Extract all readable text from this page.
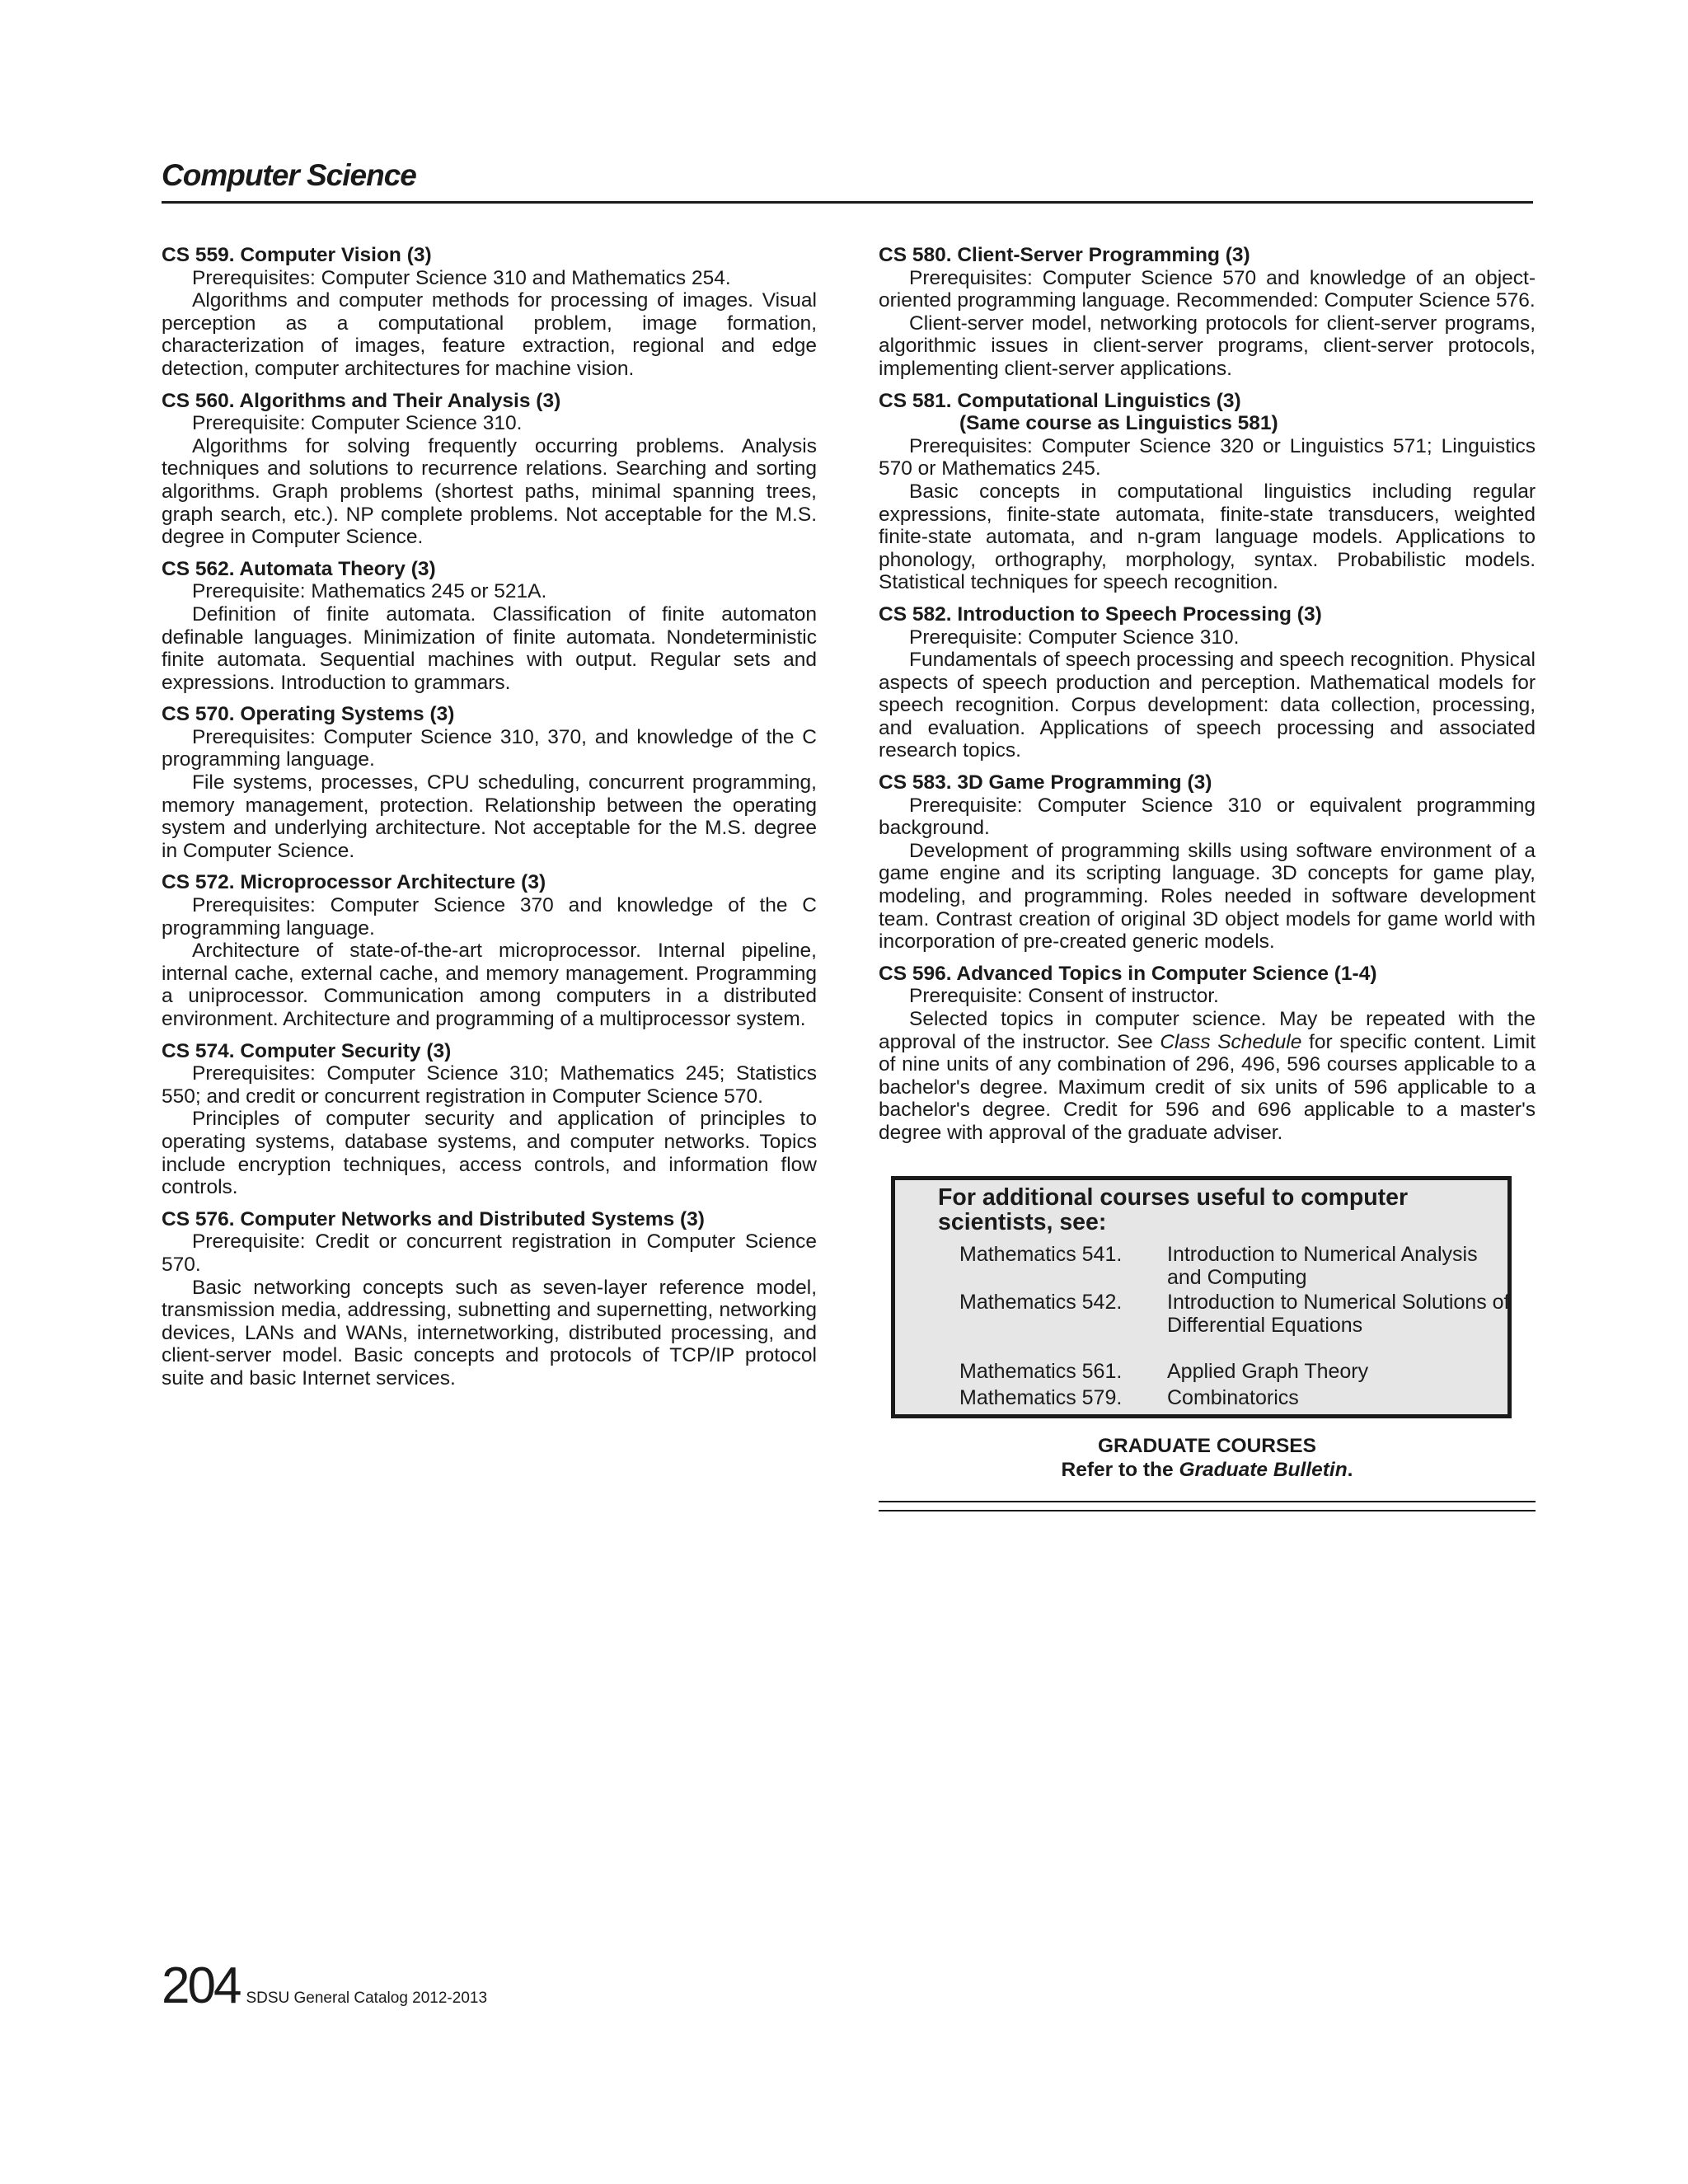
Computer Science
CS 559. Computer Vision (3)
Prerequisites: Computer Science 310 and Mathematics 254.
Algorithms and computer methods for processing of images. Visual perception as a computational problem, image formation, characterization of images, feature extraction, regional and edge detection, computer architectures for machine vision.
CS 560. Algorithms and Their Analysis (3)
Prerequisite: Computer Science 310.
Algorithms for solving frequently occurring problems. Analysis techniques and solutions to recurrence relations. Searching and sorting algorithms. Graph problems (shortest paths, minimal spanning trees, graph search, etc.). NP complete problems. Not acceptable for the M.S. degree in Computer Science.
CS 562. Automata Theory (3)
Prerequisite: Mathematics 245 or 521A.
Definition of finite automata. Classification of finite automaton definable languages. Minimization of finite automata. Nondeterministic finite automata. Sequential machines with output. Regular sets and expressions. Introduction to grammars.
CS 570. Operating Systems (3)
Prerequisites: Computer Science 310, 370, and knowledge of the C programming language.
File systems, processes, CPU scheduling, concurrent programming, memory management, protection. Relationship between the operating system and underlying architecture. Not acceptable for the M.S. degree in Computer Science.
CS 572. Microprocessor Architecture (3)
Prerequisites: Computer Science 370 and knowledge of the C programming language.
Architecture of state-of-the-art microprocessor. Internal pipeline, internal cache, external cache, and memory management. Programming a uniprocessor. Communication among computers in a distributed environment. Architecture and programming of a multiprocessor system.
CS 574. Computer Security (3)
Prerequisites: Computer Science 310; Mathematics 245; Statistics 550; and credit or concurrent registration in Computer Science 570.
Principles of computer security and application of principles to operating systems, database systems, and computer networks. Topics include encryption techniques, access controls, and information flow controls.
CS 576. Computer Networks and Distributed Systems (3)
Prerequisite: Credit or concurrent registration in Computer Science 570.
Basic networking concepts such as seven-layer reference model, transmission media, addressing, subnetting and supernetting, networking devices, LANs and WANs, internetworking, distributed processing, and client-server model. Basic concepts and protocols of TCP/IP protocol suite and basic Internet services.
CS 580. Client-Server Programming (3)
Prerequisites: Computer Science 570 and knowledge of an object- oriented programming language. Recommended: Computer Science 576.
Client-server model, networking protocols for client-server programs, algorithmic issues in client-server programs, client-server protocols, implementing client-server applications.
CS 581. Computational Linguistics (3)
(Same course as Linguistics 581)
Prerequisites: Computer Science 320 or Linguistics 571; Linguistics 570 or Mathematics 245.
Basic concepts in computational linguistics including regular expressions, finite-state automata, finite-state transducers, weighted finite-state automata, and n-gram language models. Applications to phonology, orthography, morphology, syntax. Probabilistic models. Statistical techniques for speech recognition.
CS 582. Introduction to Speech Processing (3)
Prerequisite: Computer Science 310.
Fundamentals of speech processing and speech recognition. Physical aspects of speech production and perception. Mathematical models for speech recognition. Corpus development: data collection, processing, and evaluation. Applications of speech processing and associated research topics.
CS 583. 3D Game Programming (3)
Prerequisite: Computer Science 310 or equivalent programming background.
Development of programming skills using software environment of a game engine and its scripting language. 3D concepts for game play, modeling, and programming. Roles needed in software development team. Contrast creation of original 3D object models for game world with incorporation of pre-created generic models.
CS 596. Advanced Topics in Computer Science (1-4)
Prerequisite: Consent of instructor.
Selected topics in computer science. May be repeated with the approval of the instructor. See Class Schedule for specific content. Limit of nine units of any combination of 296, 496, 596 courses applicable to a bachelor's degree. Maximum credit of six units of 596 applicable to a bachelor's degree. Credit for 596 and 696 applicable to a master's degree with approval of the graduate adviser.
For additional courses useful to computer scientists, see:
Mathematics 541.	Introduction to Numerical Analysis and Computing
Mathematics 542.	Introduction to Numerical Solutions of Differential Equations
Mathematics 561.	Applied Graph Theory
Mathematics 579.	Combinatorics
GRADUATE COURSES
Refer to the Graduate Bulletin.
204 SDSU General Catalog 2012-2013
